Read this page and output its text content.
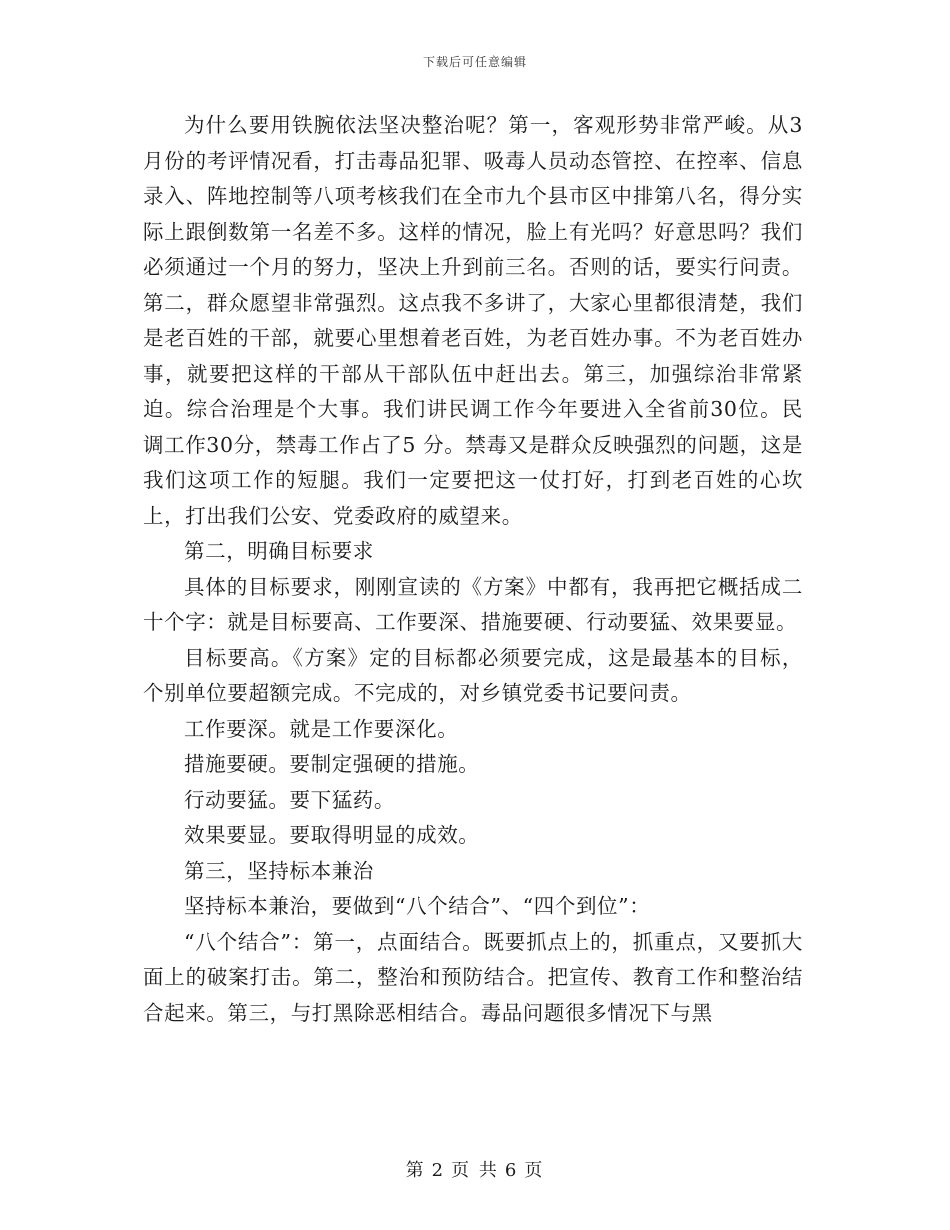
下载后可任意编辑

为什么要用铁腕依法坚决整治呢？第一，客观形势非常严峻。从3月份的考评情况看，打击毒品犯罪、吸毒人员动态管控、在控率、信息录入、阵地控制等八项考核我们在全市九个县市区中排第八名，得分实际上跟倒数第一名差不多。这样的情况，脸上有光吗？好意思吗？我们必须通过一个月的努力，坚决上升到前三名。否则的话，要实行问责。第二，群众愿望非常强烈。这点我不多讲了，大家心里都很清楚，我们是老百姓的干部，就要心里想着老百姓，为老百姓办事。不为老百姓办事，就要把这样的干部从干部队伍中赶出去。第三，加强综治非常紧迫。综合治理是个大事。我们讲民调工作今年要进入全省前30位。民调工作30分，禁毒工作占了5 分。禁毒又是群众反映强烈的问题，这是我们这项工作的短腿。我们一定要把这一仗打好，打到老百姓的心坎上，打出我们公安、党委政府的威望来。

第二，明确目标要求

具体的目标要求，刚刚宣读的《方案》中都有，我再把它概括成二十个字：就是目标要高、工作要深、措施要硬、行动要猛、效果要显。

目标要高。《方案》定的目标都必须要完成，这是最基本的目标，个别单位要超额完成。不完成的，对乡镇党委书记要问责。

工作要深。就是工作要深化。

措施要硬。要制定强硬的措施。

行动要猛。要下猛药。

效果要显。要取得明显的成效。

第三，坚持标本兼治

坚持标本兼治，要做到“八个结合”、“四个到位”：

“八个结合”：第一，点面结合。既要抓点上的，抓重点，又要抓大面上的破案打击。第二，整治和预防结合。把宣传、教育工作和整治结合起来。第三，与打黑除恶相结合。毒品问题很多情况下与黑

第 2 页 共 6 页
